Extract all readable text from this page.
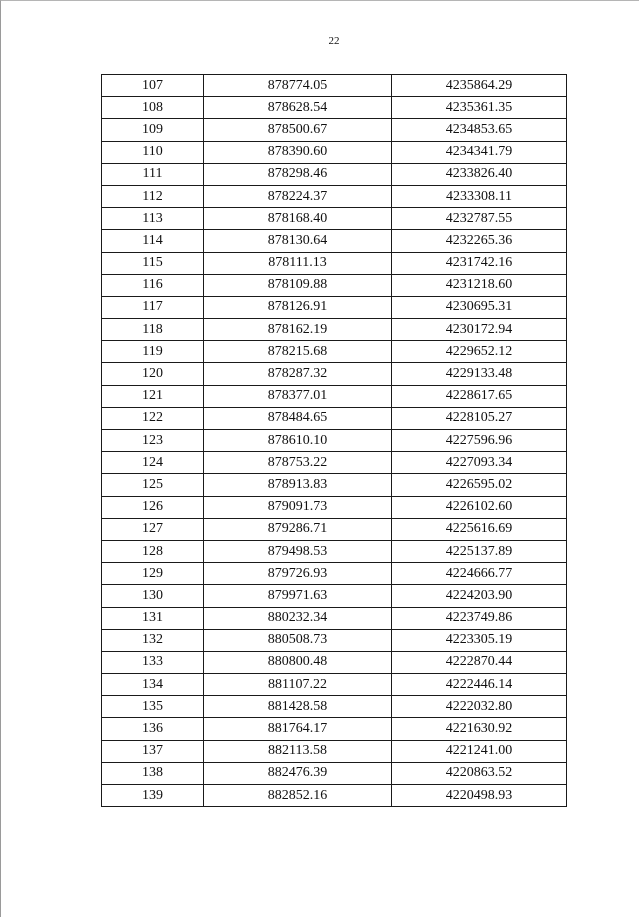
22
107	878774.05	4235864.29
108	878628.54	4235361.35
109	878500.67	4234853.65
110	878390.60	4234341.79
111	878298.46	4233826.40
112	878224.37	4233308.11
113	878168.40	4232787.55
114	878130.64	4232265.36
115	878111.13	4231742.16
116	878109.88	4231218.60
117	878126.91	4230695.31
118	878162.19	4230172.94
119	878215.68	4229652.12
120	878287.32	4229133.48
121	878377.01	4228617.65
122	878484.65	4228105.27
123	878610.10	4227596.96
124	878753.22	4227093.34
125	878913.83	4226595.02
126	879091.73	4226102.60
127	879286.71	4225616.69
128	879498.53	4225137.89
129	879726.93	4224666.77
130	879971.63	4224203.90
131	880232.34	4223749.86
132	880508.73	4223305.19
133	880800.48	4222870.44
134	881107.22	4222446.14
135	881428.58	4222032.80
136	881764.17	4221630.92
137	882113.58	4221241.00
138	882476.39	4220863.52
139	882852.16	4220498.93
